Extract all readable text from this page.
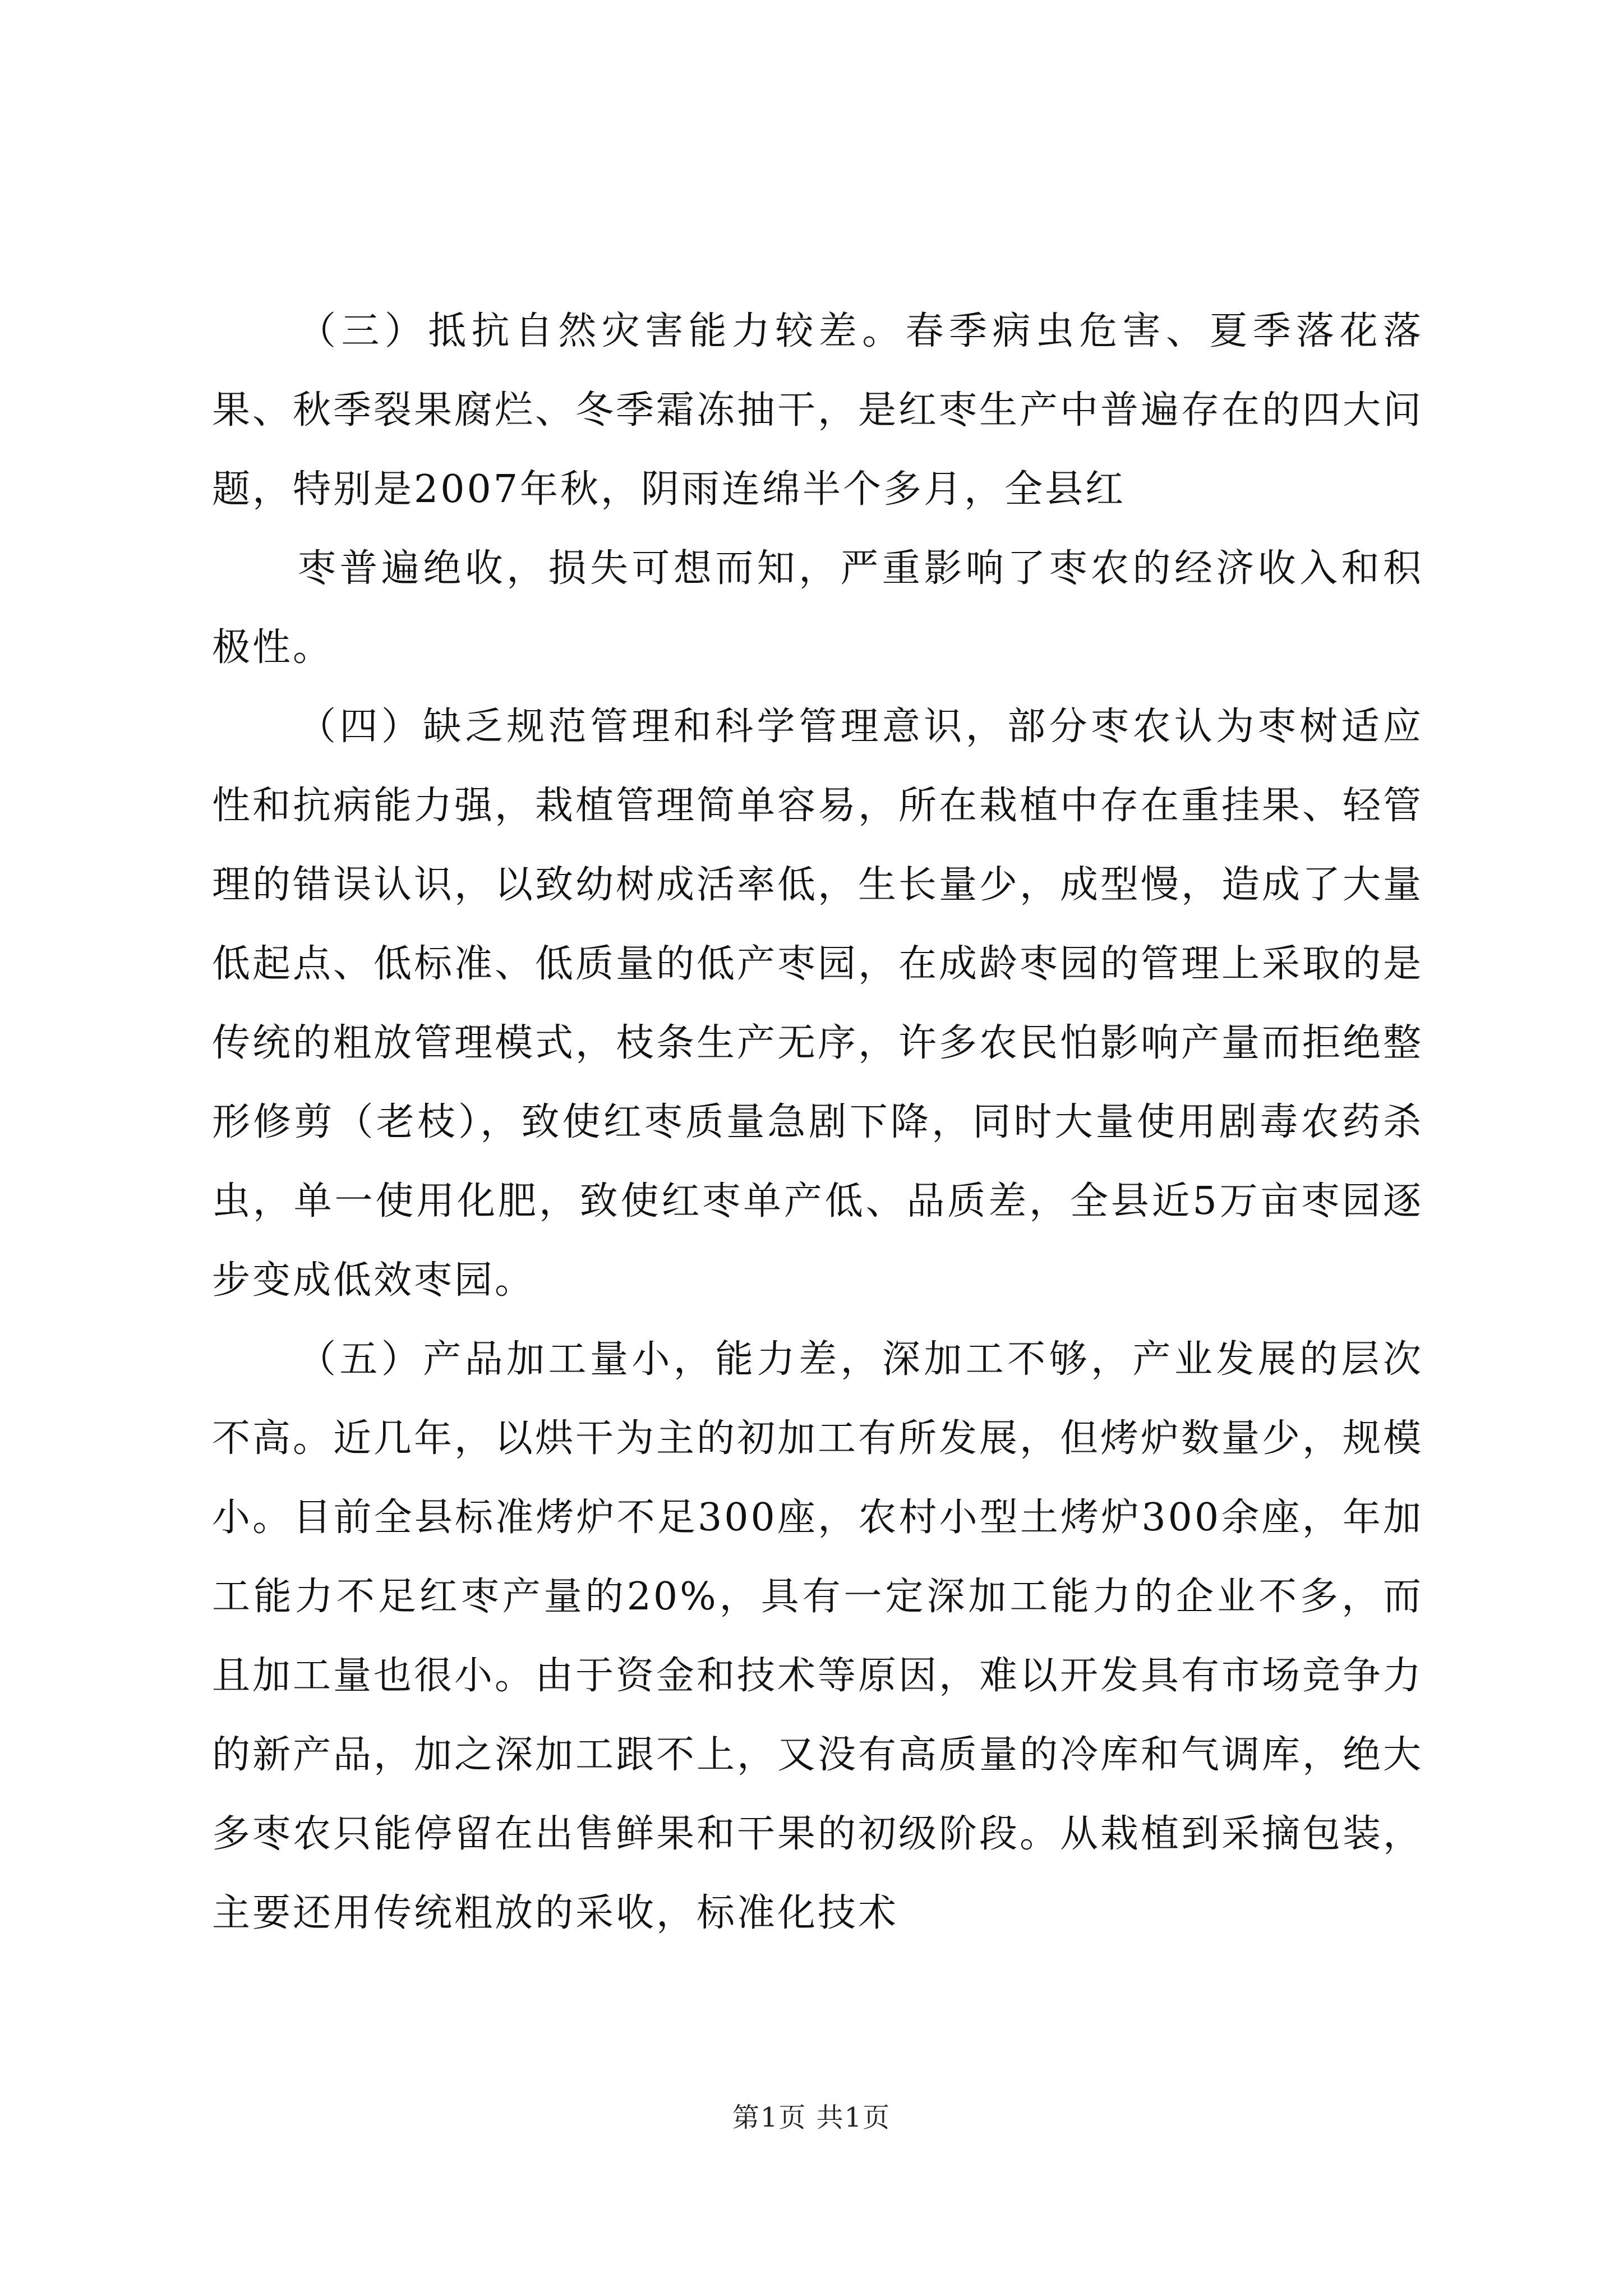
（三）抵抗自然灾害能力较差。春季病虫危害、夏季落花落果、秋季裂果腐烂、冬季霜冻抽干，是红枣生产中普遍存在的四大问题，特别是2007年秋，阴雨连绵半个多月，全县红

枣普遍绝收，损失可想而知，严重影响了枣农的经济收入和积极性。

（四）缺乏规范管理和科学管理意识，部分枣农认为枣树适应性和抗病能力强，栽植管理简单容易，所在栽植中存在重挂果、轻管理的错误认识，以致幼树成活率低，生长量少，成型慢，造成了大量低起点、低标准、低质量的低产枣园，在成龄枣园的管理上采取的是传统的粗放管理模式，枝条生产无序，许多农民怕影响产量而拒绝整形修剪（老枝），致使红枣质量急剧下降，同时大量使用剧毒农药杀虫，单一使用化肥，致使红枣单产低、品质差，全县近5万亩枣园逐步变成低效枣园。

（五）产品加工量小，能力差，深加工不够，产业发展的层次不高。近几年，以烘干为主的初加工有所发展，但烤炉数量少，规模小。目前全县标准烤炉不足300座，农村小型土烤炉300余座，年加工能力不足红枣产量的20%，具有一定深加工能力的企业不多，而且加工量也很小。由于资金和技术等原因，难以开发具有市场竞争力的新产品，加之深加工跟不上，又没有高质量的冷库和气调库，绝大多枣农只能停留在出售鲜果和干果的初级阶段。从栽植到采摘包装，主要还用传统粗放的采收，标准化技术

第1页 共1页
